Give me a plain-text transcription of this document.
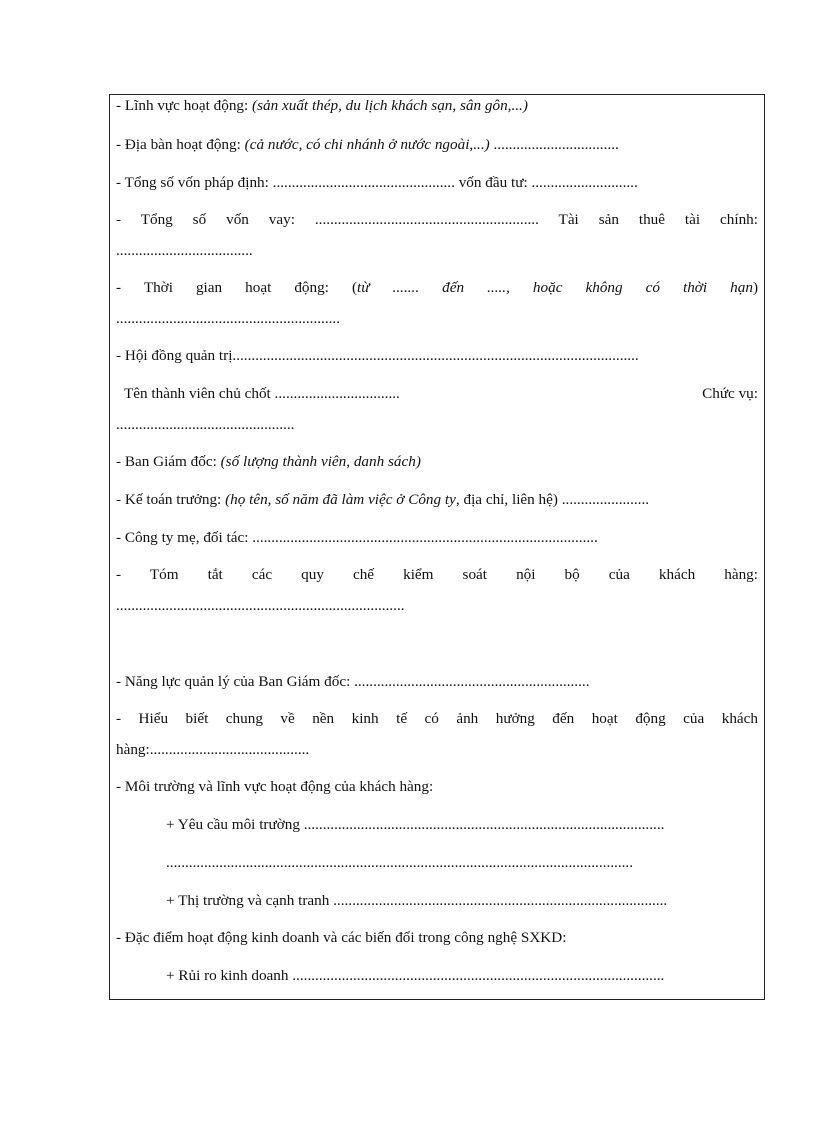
- Lĩnh vực hoạt động: (sản xuất thép, du lịch khách sạn, sân gôn,...)
- Địa bàn hoạt động: (cả nước, có chi nhánh ở nước ngoài,...) .................................
- Tổng số vốn pháp định: ................................................ vốn đầu tư: ............................
- Tổng số vốn vay: ........................................................... Tài sản thuê tài chính:
....................................
- Thời gian hoạt động: (từ ....... đến ....., hoặc không có thời hạn)
...........................................................
- Hội đồng quản trị...........................................................................................................
Tên thành viên chủ chốt .................................	Chức vụ:
...............................................
- Ban Giám đốc: (số lượng thành viên, danh sách)
- Kế toán trưởng: (họ tên, số năm đã làm việc ở Công ty, địa chỉ, liên hệ) .......................
- Công ty mẹ, đối tác: ...........................................................................................
- Tóm tắt các quy chế kiểm soát nội bộ của khách hàng:
............................................................................
- Năng lực quản lý của Ban Giám đốc: ..............................................................
- Hiểu biết chung về nền kinh tế có ảnh hưởng đến hoạt động của khách
hàng:..........................................
- Môi trường và lĩnh vực hoạt động của khách hàng:
+ Yêu cầu môi trường ...............................................................................................
...........................................................................................................................
+ Thị trường và cạnh tranh ........................................................................................
- Đặc điểm hoạt động kinh doanh và các biến đổi trong công nghệ SXKD:
+ Rủi ro kinh doanh ..................................................................................................
